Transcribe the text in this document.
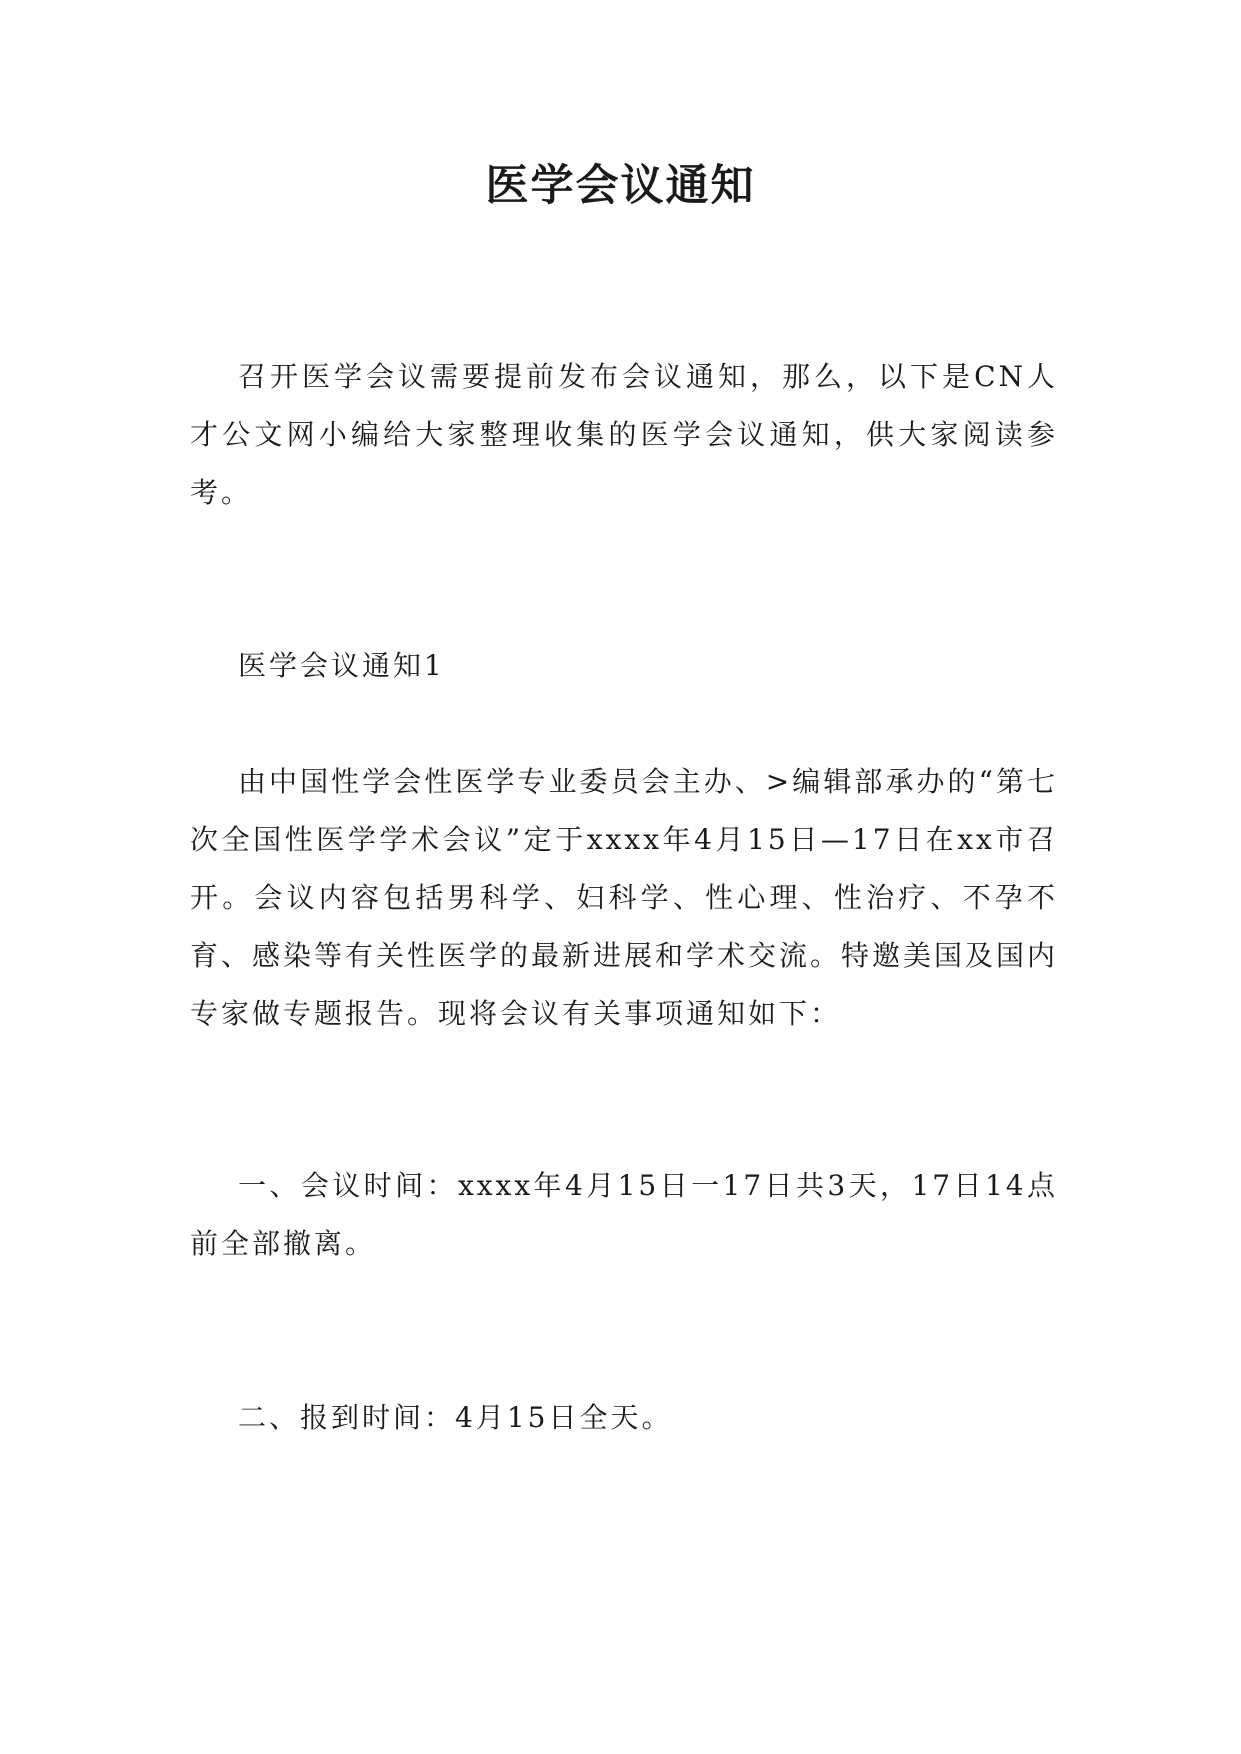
医学会议通知

召开医学会议需要提前发布会议通知，那么，以下是CN人才公文网小编给大家整理收集的医学会议通知，供大家阅读参考。

医学会议通知1

由中国性学会性医学专业委员会主办、>编辑部承办的“第七次全国性医学学术会议”定于xxxx年4月15日—17日在xx市召开。会议内容包括男科学、妇科学、性心理、性治疗、不孕不育、感染等有关性医学的最新进展和学术交流。特邀美国及国内专家做专题报告。现将会议有关事项通知如下：

一、会议时间：xxxx年4月15日一17日共3天，17日14点前全部撤离。

二、报到时间：4月15日全天。
